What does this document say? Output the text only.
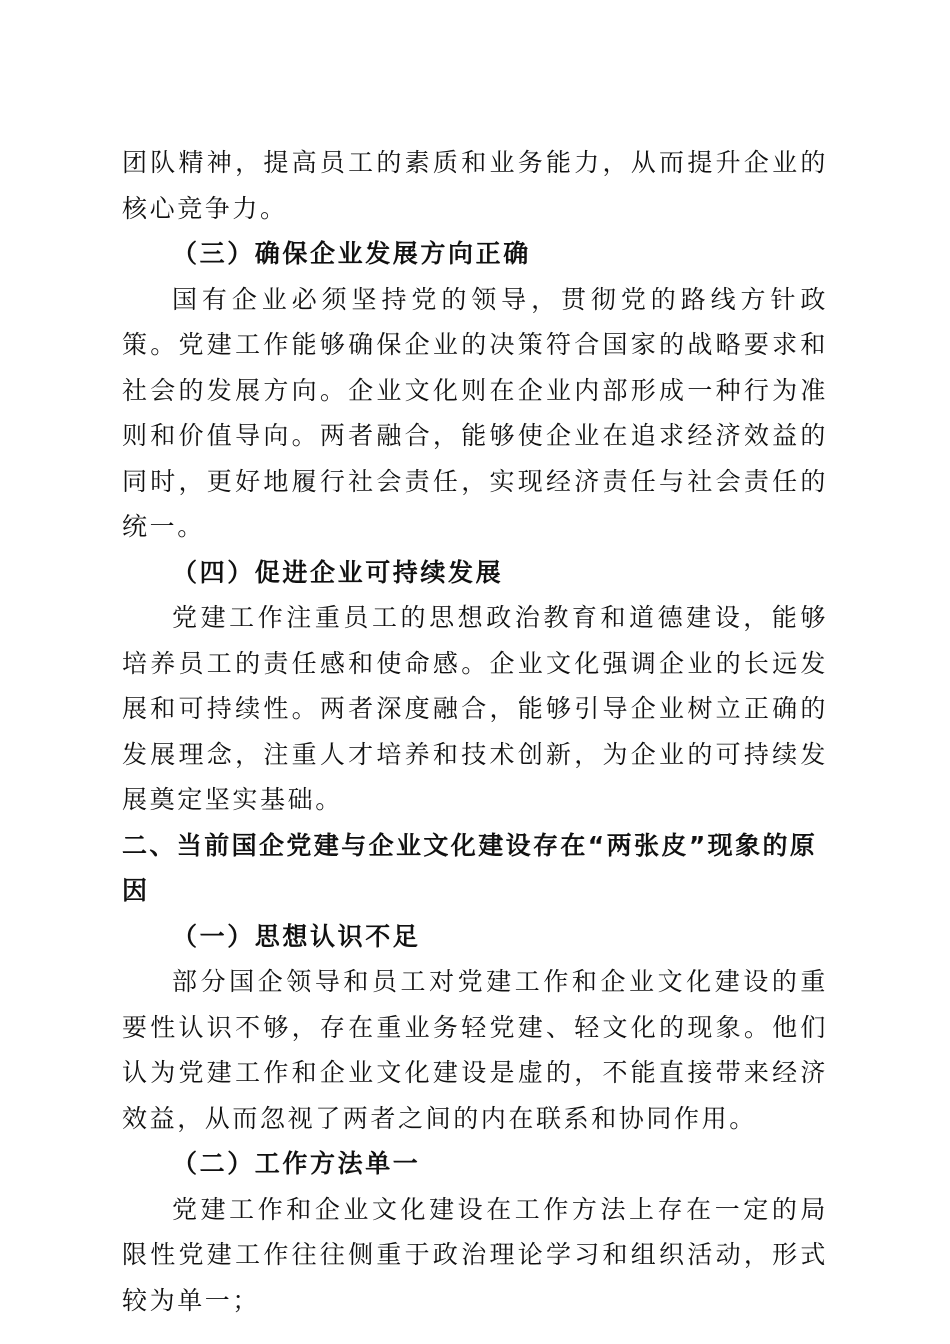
团队精神，提高员工的素质和业务能力，从而提升企业的核心竞争力。

（三）确保企业发展方向正确

国有企业必须坚持党的领导，贯彻党的路线方针政策。党建工作能够确保企业的决策符合国家的战略要求和社会的发展方向。企业文化则在企业内部形成一种行为准则和价值导向。两者融合，能够使企业在追求经济效益的同时，更好地履行社会责任，实现经济责任与社会责任的统一。

（四）促进企业可持续发展

党建工作注重员工的思想政治教育和道德建设，能够培养员工的责任感和使命感。企业文化强调企业的长远发展和可持续性。两者深度融合，能够引导企业树立正确的发展理念，注重人才培养和技术创新，为企业的可持续发展奠定坚实基础。

二、当前国企党建与企业文化建设存在“两张皮”现象的原因

（一）思想认识不足

部分国企领导和员工对党建工作和企业文化建设的重要性认识不够，存在重业务轻党建、轻文化的现象。他们认为党建工作和企业文化建设是虚的，不能直接带来经济效益，从而忽视了两者之间的内在联系和协同作用。

（二）工作方法单一

党建工作和企业文化建设在工作方法上存在一定的局限性党建工作往往侧重于政治理论学习和组织活动，形式较为单一；
